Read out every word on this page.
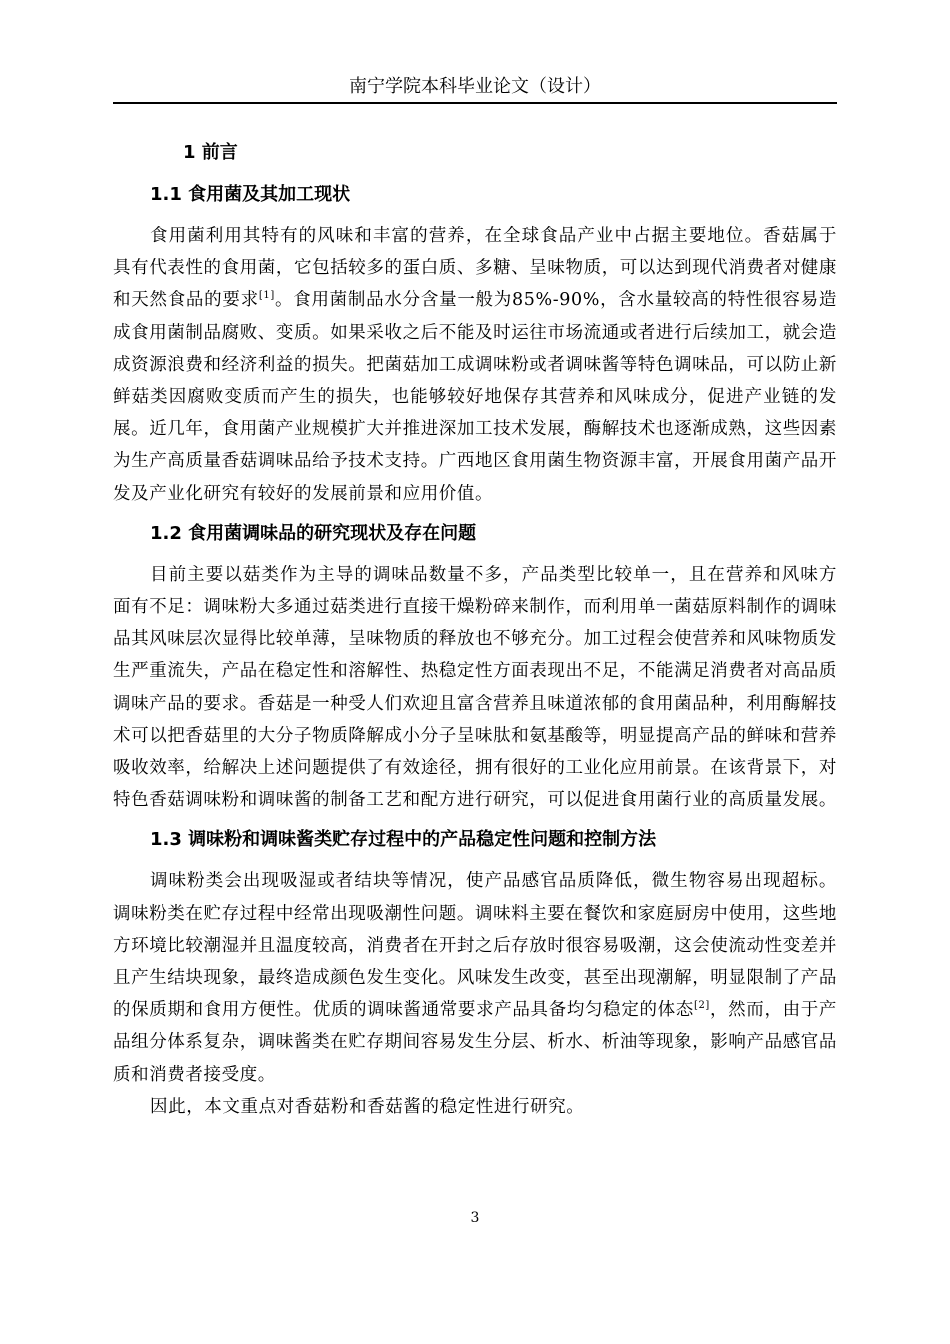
南宁学院本科毕业论文（设计）
1 前言
1.1 食用菌及其加工现状

食用菌利用其特有的风味和丰富的营养，在全球食品产业中占据主要地位。香菇属于具有代表性的食用菌，它包括较多的蛋白质、多糖、呈味物质，可以达到现代消费者对健康和天然食品的要求[1]。食用菌制品水分含量一般为85%-90%，含水量较高的特性很容易造成食用菌制品腐败、变质。如果采收之后不能及时运往市场流通或者进行后续加工，就会造成资源浪费和经济利益的损失。把菌菇加工成调味粉或者调味酱等特色调味品，可以防止新鲜菇类因腐败变质而产生的损失，也能够较好地保存其营养和风味成分，促进产业链的发展。近几年，食用菌产业规模扩大并推进深加工技术发展，酶解技术也逐渐成熟，这些因素为生产高质量香菇调味品给予技术支持。广西地区食用菌生物资源丰富，开展食用菌产品开发及产业化研究有较好的发展前景和应用价值。

1.2 食用菌调味品的研究现状及存在问题

目前主要以菇类作为主导的调味品数量不多，产品类型比较单一，且在营养和风味方面有不足：调味粉大多通过菇类进行直接干燥粉碎来制作，而利用单一菌菇原料制作的调味品其风味层次显得比较单薄，呈味物质的释放也不够充分。加工过程会使营养和风味物质发生严重流失，产品在稳定性和溶解性、热稳定性方面表现出不足，不能满足消费者对高品质调味产品的要求。香菇是一种受人们欢迎且富含营养且味道浓郁的食用菌品种，利用酶解技术可以把香菇里的大分子物质降解成小分子呈味肽和氨基酸等，明显提高产品的鲜味和营养吸收效率，给解决上述问题提供了有效途径，拥有很好的工业化应用前景。在该背景下，对特色香菇调味粉和调味酱的制备工艺和配方进行研究，可以促进食用菌行业的高质量发展。

1.3 调味粉和调味酱类贮存过程中的产品稳定性问题和控制方法

调味粉类会出现吸湿或者结块等情况，使产品感官品质降低，微生物容易出现超标。调味粉类在贮存过程中经常出现吸潮性问题。调味料主要在餐饮和家庭厨房中使用，这些地方环境比较潮湿并且温度较高，消费者在开封之后存放时很容易吸潮，这会使流动性变差并且产生结块现象，最终造成颜色发生变化。风味发生改变，甚至出现潮解，明显限制了产品的保质期和食用方便性。优质的调味酱通常要求产品具备均匀稳定的体态[2]，然而，由于产品组分体系复杂，调味酱类在贮存期间容易发生分层、析水、析油等现象，影响产品感官品质和消费者接受度。

因此，本文重点对香菇粉和香菇酱的稳定性进行研究。

3
